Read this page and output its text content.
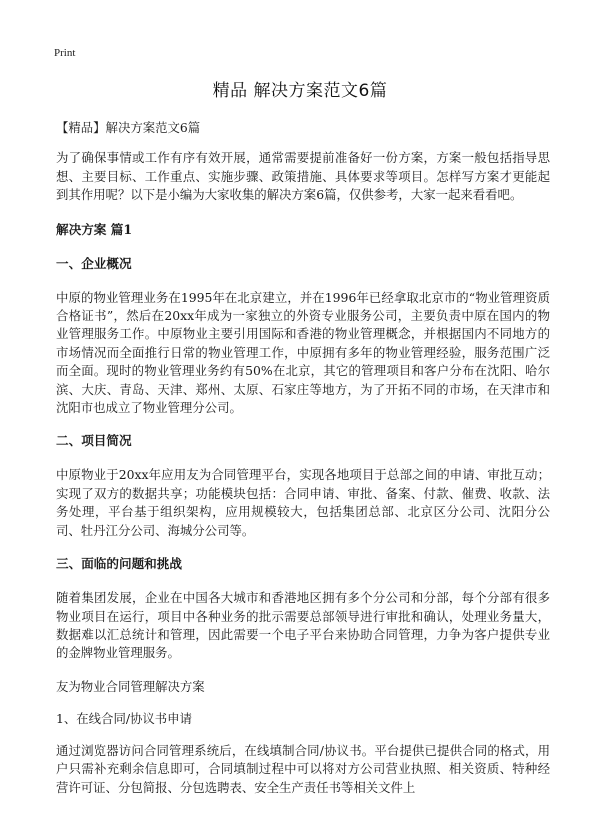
Print
精品 解决方案范文6篇

【精品】解决方案范文6篇

为了确保事情或工作有序有效开展，通常需要提前准备好一份方案，方案一般包括指导思想、主要目标、工作重点、实施步骤、政策措施、具体要求等项目。怎样写方案才更能起到其作用呢？以下是小编为大家收集的解决方案6篇，仅供参考，大家一起来看看吧。

解决方案 篇1

一、企业概况

中原的物业管理业务在1995年在北京建立，并在1996年已经拿取北京市的“物业管理资质合格证书”，然后在20xx年成为一家独立的外资专业服务公司，主要负责中原在国内的物业管理服务工作。中原物业主要引用国际和香港的物业管理概念，并根据国内不同地方的市场情况而全面推行日常的物业管理工作，中原拥有多年的物业管理经验，服务范围广泛而全面。现时的物业管理业务约有50%在北京，其它的管理项目和客户分布在沈阳、哈尔滨、大庆、青岛、天津、郑州、太原、石家庄等地方，为了开拓不同的市场，在天津市和沈阳市也成立了物业管理分公司。

二、项目简况

中原物业于20xx年应用友为合同管理平台，实现各地项目于总部之间的申请、审批互动；实现了双方的数据共享；功能模块包括：合同申请、审批、备案、付款、催费、收款、法务处理，平台基于组织架构，应用规模较大，包括集团总部、北京区分公司、沈阳分公司、牡丹江分公司、海城分公司等。

三、面临的问题和挑战

随着集团发展，企业在中国各大城市和香港地区拥有多个分公司和分部，每个分部有很多物业项目在运行，项目中各种业务的批示需要总部领导进行审批和确认，处理业务量大，数据难以汇总统计和管理，因此需要一个电子平台来协助合同管理，力争为客户提供专业的金牌物业管理服务。

友为物业合同管理解决方案

1、在线合同/协议书申请

通过浏览器访问合同管理系统后，在线填制合同/协议书。平台提供已提供合同的格式，用户只需补充剩余信息即可，合同填制过程中可以将对方公司营业执照、相关资质、特种经营许可证、分包简报、分包选聘表、安全生产责任书等相关文件上
